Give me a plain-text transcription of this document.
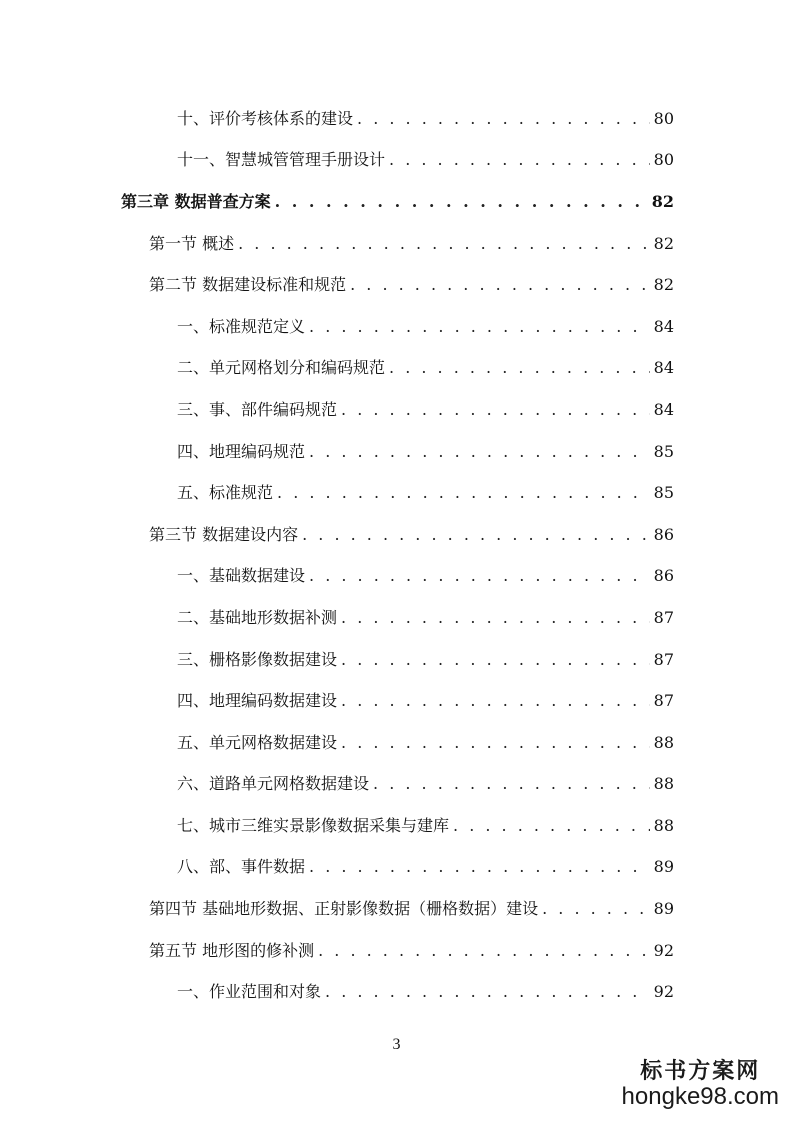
十、评价考核体系的建设 . . .	80
十一、智慧城管管理手册设计 . . .	80
第三章 数据普查方案 . . .	82
第一节 概述 . . .	82
第二节 数据建设标准和规范 . . .	82
一、标准规范定义 . . .	84
二、单元网格划分和编码规范 . . .	84
三、事、部件编码规范 . . .	84
四、地理编码规范 . . .	85
五、标准规范 . . .	85
第三节 数据建设内容 . . .	86
一、基础数据建设 . . .	86
二、基础地形数据补测 . . .	87
三、栅格影像数据建设 . . .	87
四、地理编码数据建设 . . .	87
五、单元网格数据建设 . . .	88
六、道路单元网格数据建设 . . .	88
七、城市三维实景影像数据采集与建库 . . .	88
八、部、事件数据 . . .	89
第四节 基础地形数据、正射影像数据（栅格数据）建设 . . .	89
第五节 地形图的修补测 . . .	92
一、作业范围和对象 . . .	92
3
标书方案网
hongke98.com
